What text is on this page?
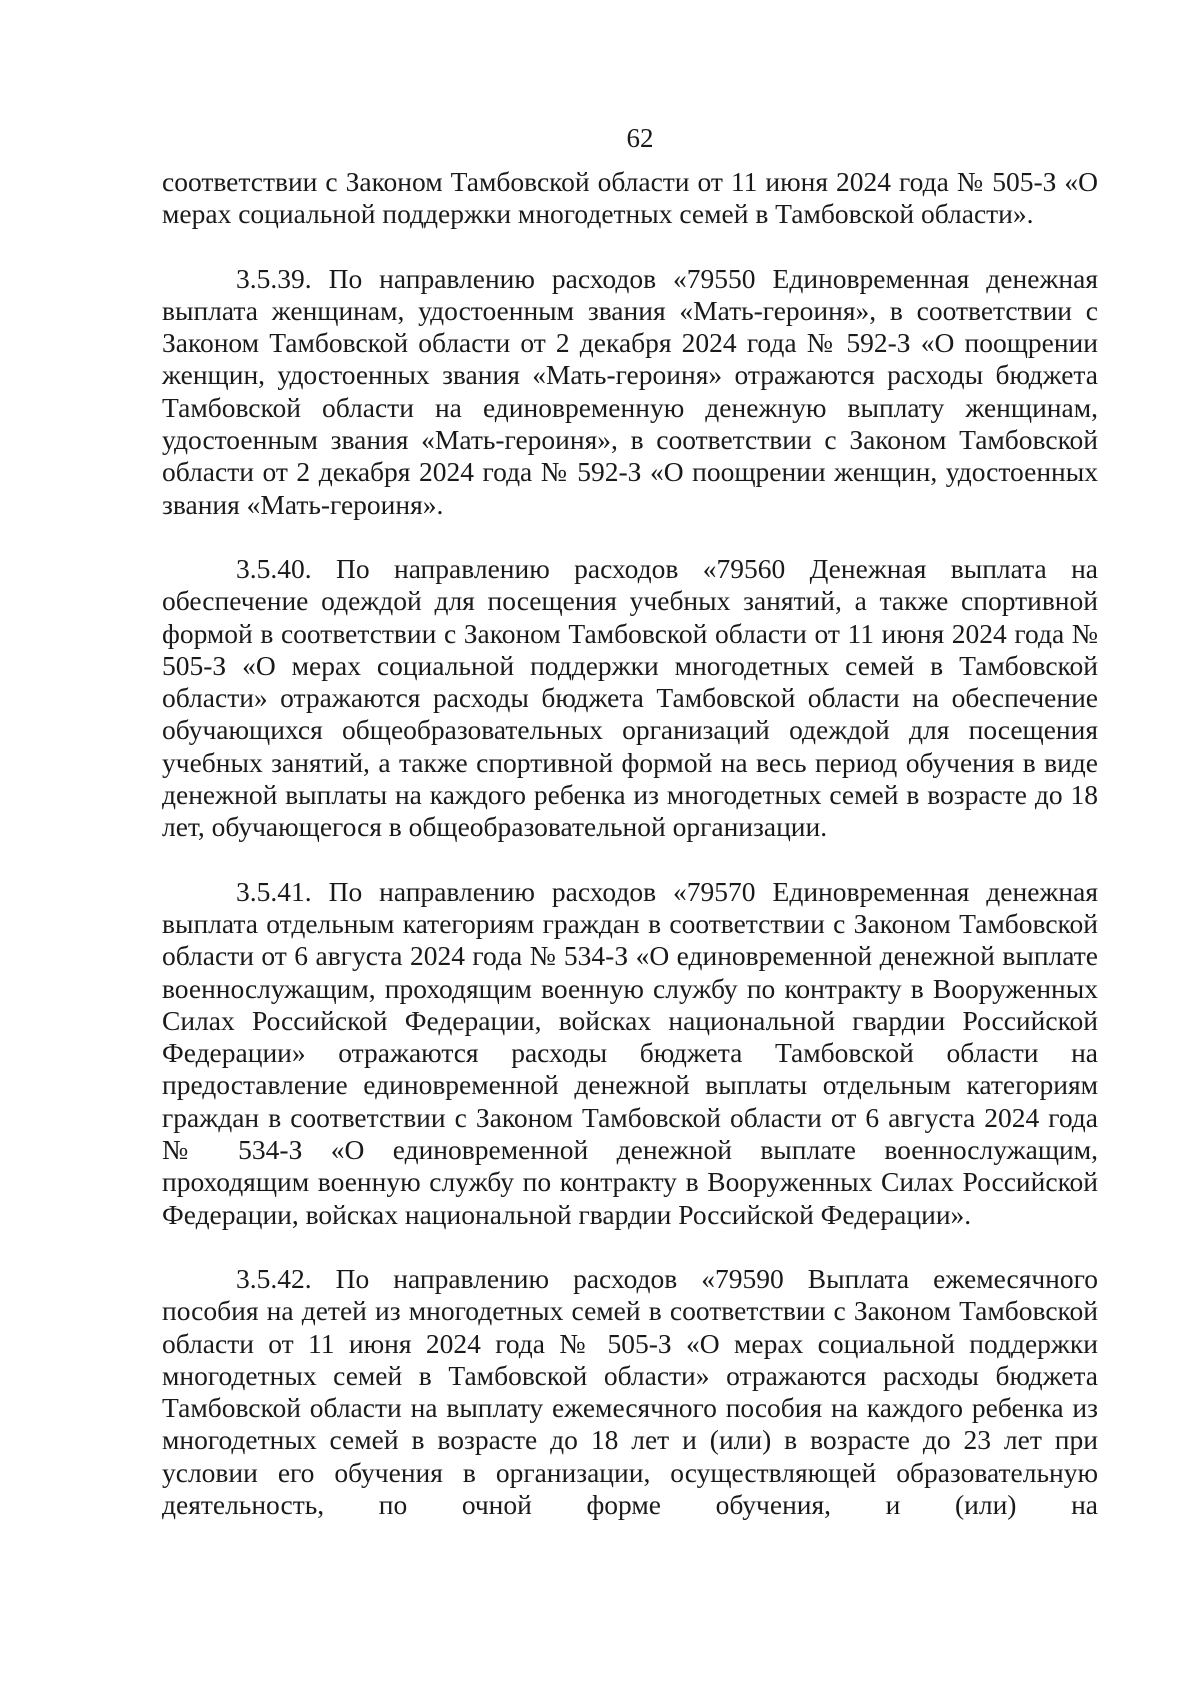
62

соответствии с Законом Тамбовской области от 11 июня 2024 года № 505-З «О мерах социальной поддержки многодетных семей в Тамбовской области».

3.5.39. По направлению расходов «79550 Единовременная денежная выплата женщинам, удостоенным звания «Мать-героиня», в соответствии с Законом Тамбовской области от 2 декабря 2024 года № 592-З «О поощрении женщин, удостоенных звания «Мать-героиня» отражаются расходы бюджета Тамбовской области на единовременную денежную выплату женщинам, удостоенным звания «Мать-героиня», в соответствии с Законом Тамбовской области от 2 декабря 2024 года № 592-З «О поощрении женщин, удостоенных звания «Мать-героиня».

3.5.40. По направлению расходов «79560 Денежная выплата на обеспечение одеждой для посещения учебных занятий, а также спортивной формой в соответствии с Законом Тамбовской области от 11 июня 2024 года № 505-З «О мерах социальной поддержки многодетных семей в Тамбовской области» отражаются расходы бюджета Тамбовской области на обеспечение обучающихся общеобразовательных организаций одеждой для посещения учебных занятий, а также спортивной формой на весь период обучения в виде денежной выплаты на каждого ребенка из многодетных семей в возрасте до 18 лет, обучающегося в общеобразовательной организации.

3.5.41. По направлению расходов «79570 Единовременная денежная выплата отдельным категориям граждан в соответствии с Законом Тамбовской области от 6 августа 2024 года № 534-З «О единовременной денежной выплате военнослужащим, проходящим военную службу по контракту в Вооруженных Силах Российской Федерации, войсках национальной гвардии Российской Федерации» отражаются расходы бюджета Тамбовской области на предоставление единовременной денежной выплаты отдельным категориям граждан в соответствии с Законом Тамбовской области от 6 августа 2024 года № 534-З «О единовременной денежной выплате военнослужащим, проходящим военную службу по контракту в Вооруженных Силах Российской Федерации, войсках национальной гвардии Российской Федерации».

3.5.42. По направлению расходов «79590 Выплата ежемесячного пособия на детей из многодетных семей в соответствии с Законом Тамбовской области от 11 июня 2024 года № 505-З «О мерах социальной поддержки многодетных семей в Тамбовской области» отражаются расходы бюджета Тамбовской области на выплату ежемесячного пособия на каждого ребенка из многодетных семей в возрасте до 18 лет и (или) в возрасте до 23 лет при условии его обучения в организации, осуществляющей образовательную деятельность, по очной форме обучения, и (или) на
